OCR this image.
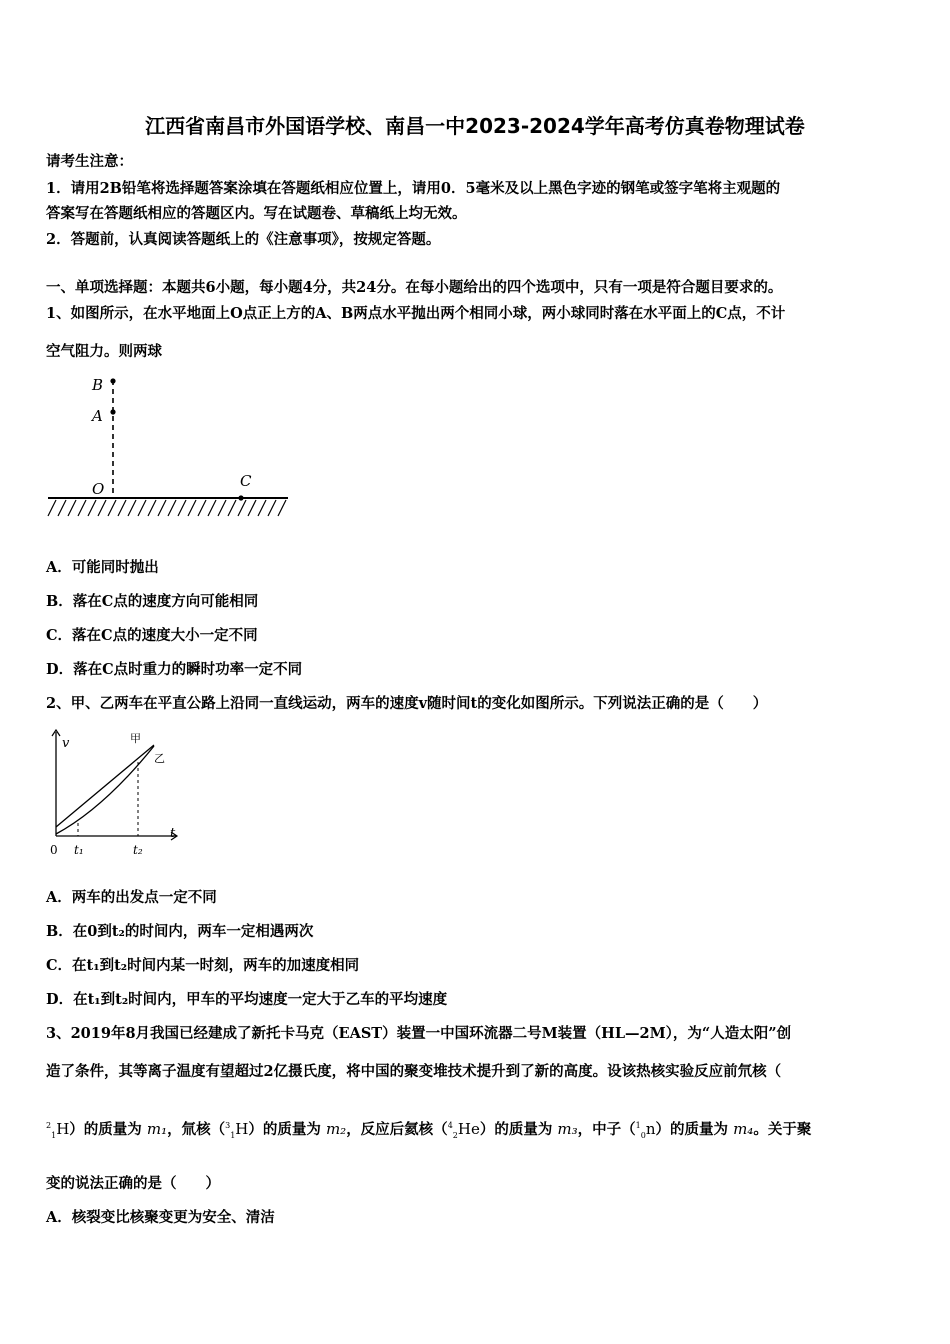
江西省南昌市外国语学校、南昌一中2023-2024学年高考仿真卷物理试卷
请考生注意：
1．请用2B铅笔将选择题答案涂填在答题纸相应位置上，请用0．5毫米及以上黑色字迹的钢笔或签字笔将主观题的
答案写在答题纸相应的答题区内。写在试题卷、草稿纸上均无效。
2．答题前，认真阅读答题纸上的《注意事项》，按规定答题。
一、单项选择题：本题共6小题，每小题4分，共24分。在每小题给出的四个选项中，只有一项是符合题目要求的。
1、如图所示，在水平地面上O点正上方的A、B两点水平抛出两个相同小球，两小球同时落在水平面上的C点，不计
空气阻力。则两球
B
A
O	C
A．可能同时抛出
B．落在C点的速度方向可能相同
C．落在C点的速度大小一定不同
D．落在C点时重力的瞬时功率一定不同
2、甲、乙两车在平直公路上沿同一直线运动，两车的速度v随时间t的变化如图所示。下列说法正确的是（　　）
v
t
0 t₁	t₂
甲
乙
A．两车的出发点一定不同
B．在0到t₂的时间内，两车一定相遇两次
C．在t₁到t₂时间内某一时刻，两车的加速度相同
D．在t₁到t₂时间内，甲车的平均速度一定大于乙车的平均速度
3、2019年8月我国已经建成了新托卡马克（EAST）装置一中国环流器二号M装置（HL—2M），为“人造太阳”创
造了条件，其等离子温度有望超过2亿摄氏度，将中国的聚变堆技术提升到了新的高度。设该热核实验反应前氘核（
$^2_1$H）的质量为 m₁，氚核（$^3_1$H）的质量为 m₂，反应后氦核（$^4_2$He）的质量为 m₃，中子（$^1_0$n）的质量为 m₄。关于聚
变的说法正确的是（　　）
A．核裂变比核聚变更为安全、清洁
